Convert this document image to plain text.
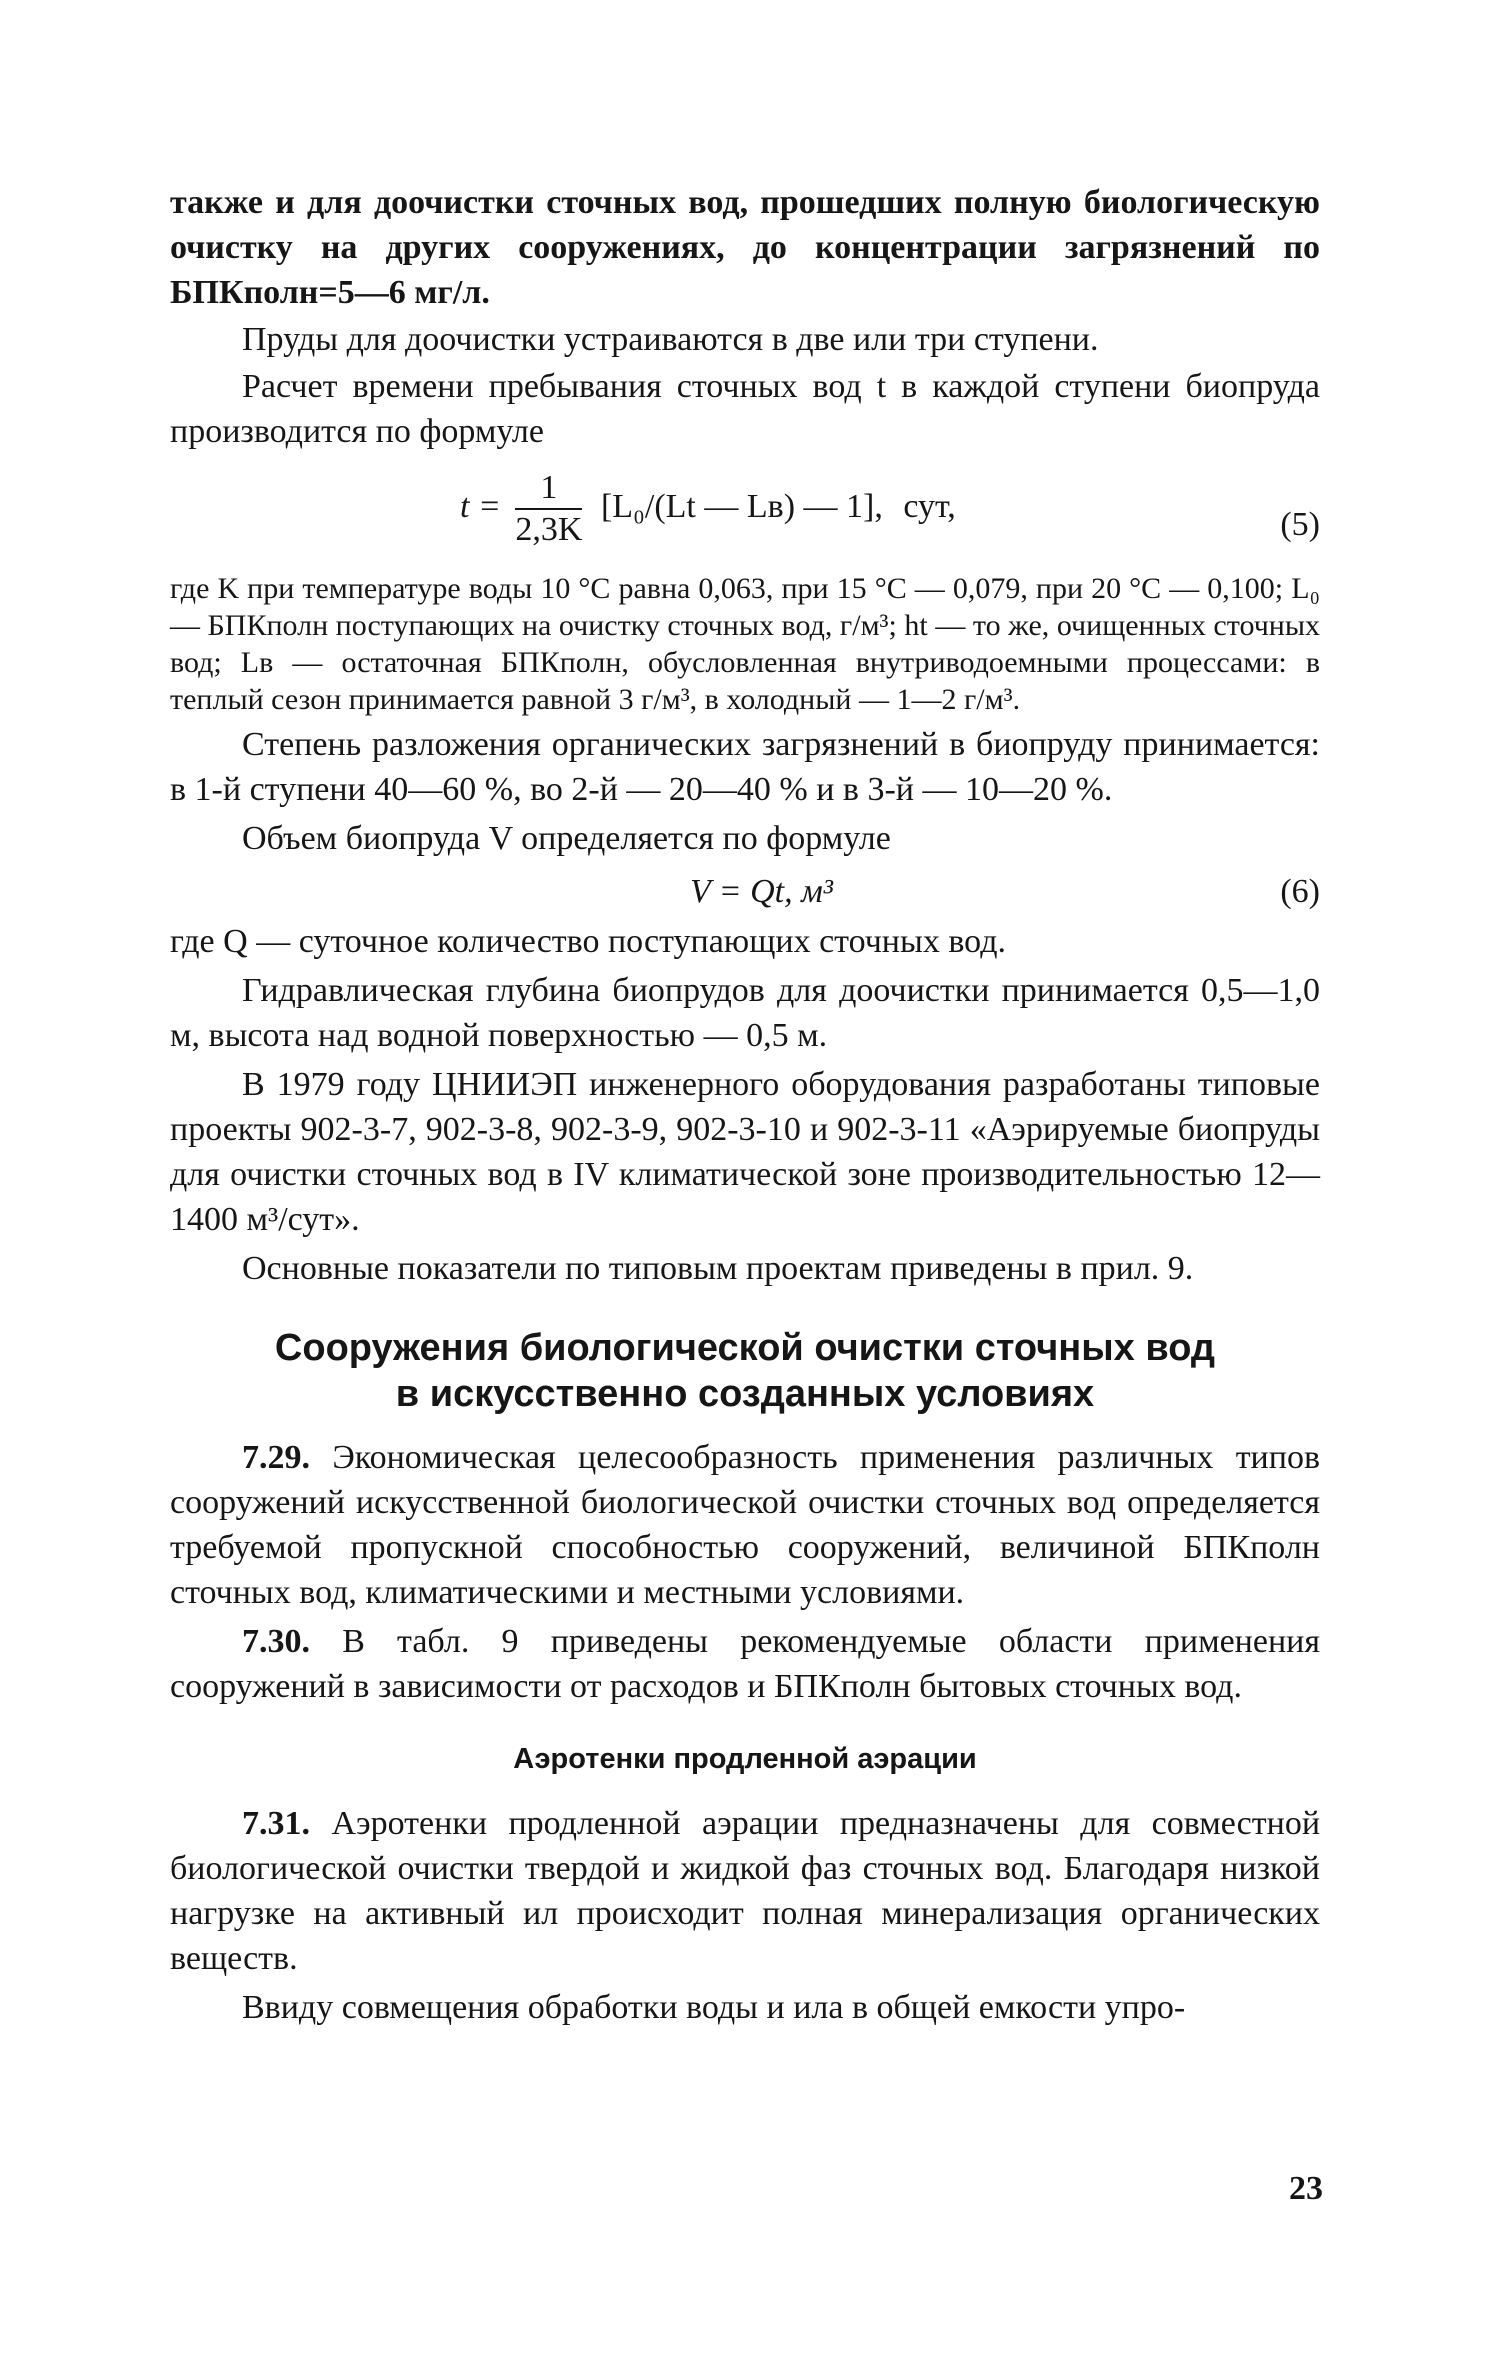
также и для доочистки сточных вод, прошедших полную биологическую очистку на других сооружениях, до концентрации загрязнений по БПКполн=5—6 мг/л.

Пруды для доочистки устраиваются в две или три ступени.

Расчет времени пребывания сточных вод t в каждой ступени биопруда производится по формуле

$t = \frac{1}{2,3K} [L_0/(Lt$ — Lв) — 1], сут,	(5)

где K при температуре воды 10 °C равна 0,063, при 15 °C — 0,079, при 20 °C — 0,100; L₀ — БПКполн поступающих на очистку сточных вод, г/м³; ht — то же, очищенных сточных вод; Lв — остаточная БПКполн, обусловленная внутриводоемными процессами: в теплый сезон принимается равной 3 г/м³, в холодный — 1—2 г/м³.

Степень разложения органических загрязнений в биопруду принимается: в 1-й ступени 40—60 %, во 2-й — 20—40 % и в 3-й — 10—20 %.

Объем биопруда V определяется по формуле

V = Qt, м³	(6)

где Q — суточное количество поступающих сточных вод.

Гидравлическая глубина биопрудов для доочистки принимается 0,5—1,0 м, высота над водной поверхностью — 0,5 м.

В 1979 году ЦНИИЭП инженерного оборудования разработаны типовые проекты 902-3-7, 902-3-8, 902-3-9, 902-3-10 и 902-3-11 «Аэрируемые биопруды для очистки сточных вод в IV климатической зоне производительностью 12—1400 м³/сут».

Основные показатели по типовым проектам приведены в прил. 9.

Сооружения биологической очистки сточных вод
в искусственно созданных условиях

7.29. Экономическая целесообразность применения различных типов сооружений искусственной биологической очистки сточных вод определяется требуемой пропускной способностью сооружений, величиной БПКполн сточных вод, климатическими и местными условиями.

7.30. В табл. 9 приведены рекомендуемые области применения сооружений в зависимости от расходов и БПКполн бытовых сточных вод.

Аэротенки продленной аэрации

7.31. Аэротенки продленной аэрации предназначены для совместной биологической очистки твердой и жидкой фаз сточных вод. Благодаря низкой нагрузке на активный ил происходит полная минерализация органических веществ.

Ввиду совмещения обработки воды и ила в общей емкости упро-

23
